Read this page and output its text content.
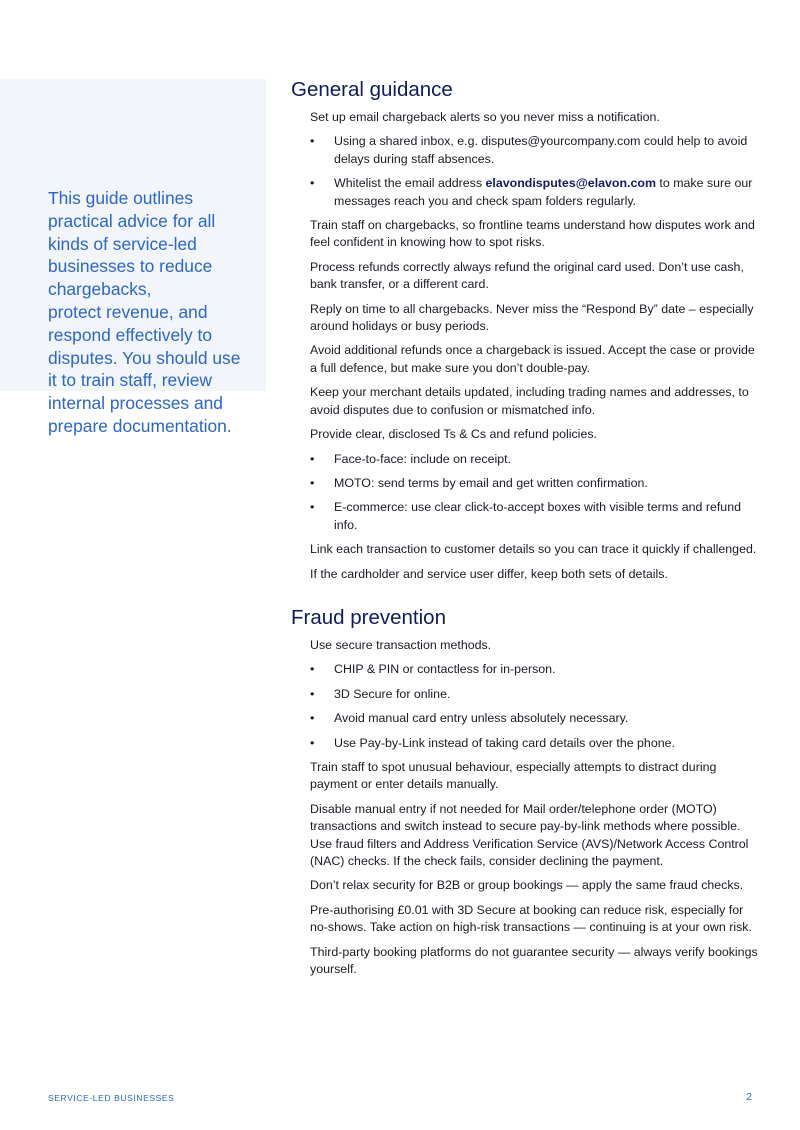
This guide outlines
practical advice for all
kinds of service-led
businesses to reduce
chargebacks,
protect revenue, and
respond effectively to
disputes. You should use
it to train staff, review
internal processes and
prepare documentation.
General guidance

Set up email chargeback alerts so you never miss a notification.

• Using a shared inbox, e.g. disputes@yourcompany.com could help to avoid delays during staff absences.
• Whitelist the email address elavondisputes@elavon.com to make sure our messages reach you and check spam folders regularly.

Train staff on chargebacks, so frontline teams understand how disputes work and feel confident in knowing how to spot risks.

Process refunds correctly always refund the original card used. Don’t use cash, bank transfer, or a different card.

Reply on time to all chargebacks. Never miss the “Respond By” date – especially around holidays or busy periods.

Avoid additional refunds once a chargeback is issued. Accept the case or provide a full defence, but make sure you don’t double-pay.

Keep your merchant details updated, including trading names and addresses, to avoid disputes due to confusion or mismatched info.

Provide clear, disclosed Ts & Cs and refund policies.

• Face-to-face: include on receipt.
• MOTO: send terms by email and get written confirmation.
• E-commerce: use clear click-to-accept boxes with visible terms and refund info.

Link each transaction to customer details so you can trace it quickly if challenged.

If the cardholder and service user differ, keep both sets of details.

Fraud prevention

Use secure transaction methods.

• CHIP & PIN or contactless for in-person.
• 3D Secure for online.
• Avoid manual card entry unless absolutely necessary.
• Use Pay-by-Link instead of taking card details over the phone.

Train staff to spot unusual behaviour, especially attempts to distract during payment or enter details manually.

Disable manual entry if not needed for Mail order/telephone order (MOTO) transactions and switch instead to secure pay-by-link methods where possible. Use fraud filters and Address Verification Service (AVS)/Network Access Control (NAC) checks. If the check fails, consider declining the payment.

Don’t relax security for B2B or group bookings — apply the same fraud checks.

Pre-authorising £0.01 with 3D Secure at booking can reduce risk, especially for no-shows. Take action on high-risk transactions — continuing is at your own risk.

Third-party booking platforms do not guarantee security — always verify bookings yourself.

SERVICE-LED BUSINESSES	2
